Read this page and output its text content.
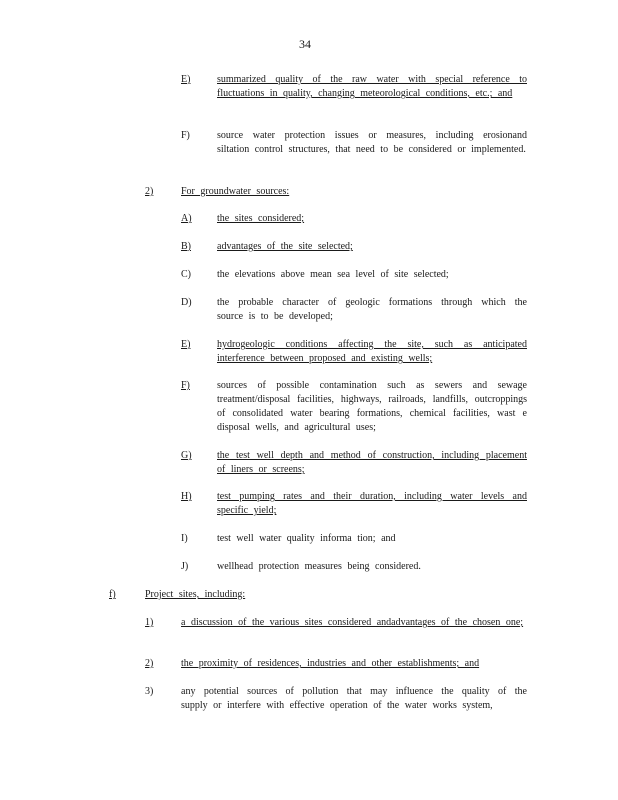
34
E)	summarized quality of the raw water with special reference to fluctuations in quality, changing meteorological conditions, etc.; and
F)	source water protection issues or measures, including erosionand siltation control structures, that need to be considered or implemented.
2)	For groundwater sources:
A)	the sites considered;
B)	advantages of the site selected;
C)	the elevations above mean sea level of site selected;
D)	the probable character of geologic formations through which the source is to be developed;
E)	hydrogeologic conditions affecting the site, such as anticipated interference between proposed and existing wells;
F)	sources of possible contamination such as sewers and sewage treatment/disposal facilities, highways, railroads, landfills, outcroppings of consolidated water bearing formations, chemical facilities, wast e disposal wells, and agricultural uses;
G)	the test well depth and method of construction, including placement of liners or screens;
H)	test pumping rates and their duration, including water levels and specific yield;
I)	test well water quality informa tion; and
J)	wellhead protection measures being considered.
f)	Project sites, including:
1)	a discussion of the various sites considered andadvantages of the chosen one;
2)	the proximity of residences, industries and other establishments; and
3)	any potential sources of pollution that may influence the quality of the supply or interfere with effective operation of the water works system,
